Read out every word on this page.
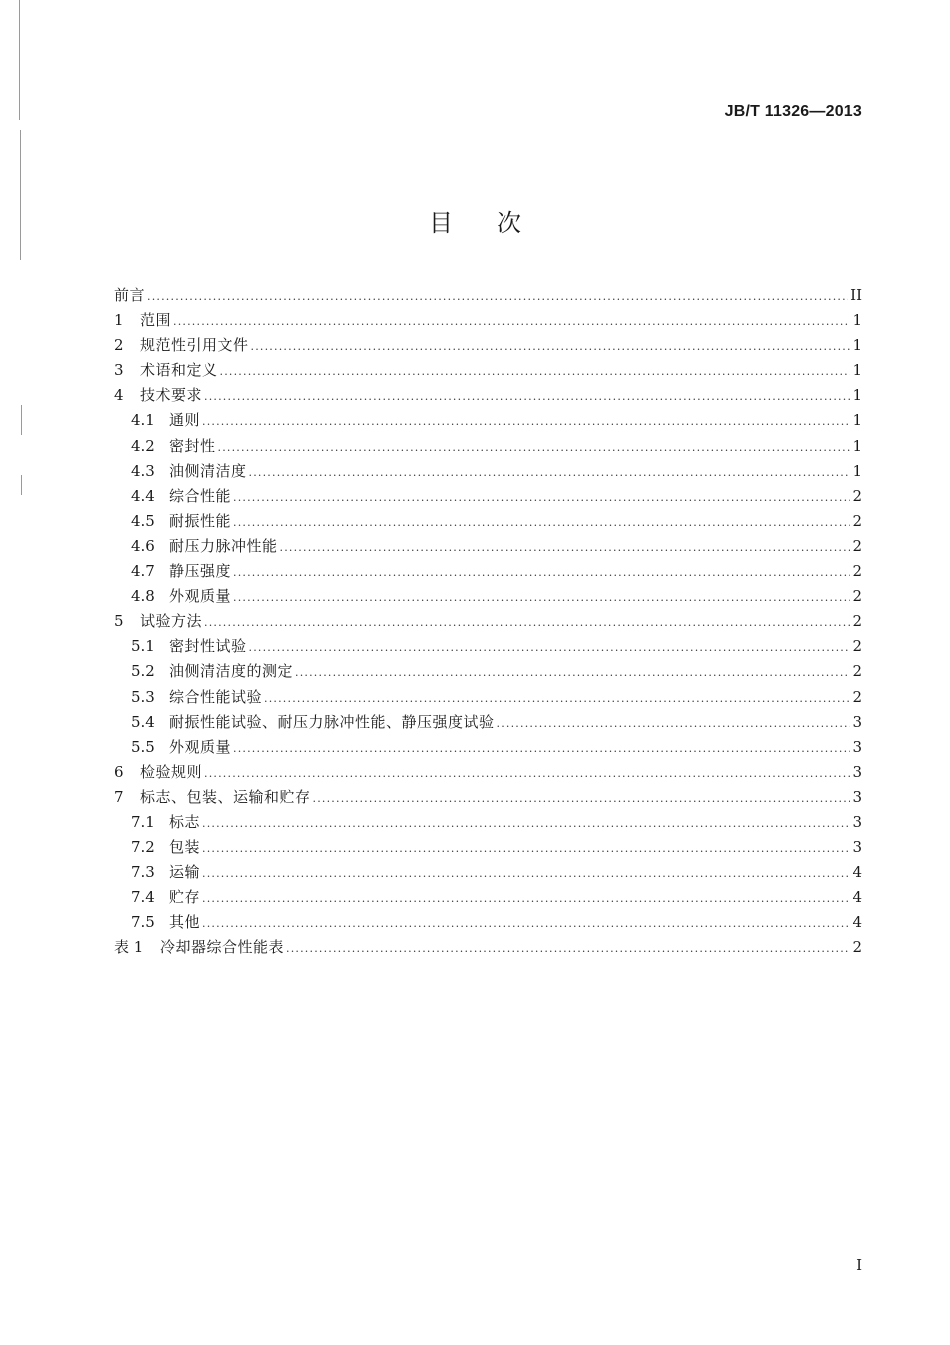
JB/T 11326—2013
目次
前言 .....	II
1	范围 .....	1
2	规范性引用文件 .....	1
3	术语和定义 .....	1
4	技术要求 .....	1
4.1 通则 .....	1
4.2 密封性 .....	1
4.3 油侧清洁度 .....	1
4.4 综合性能 .....	2
4.5 耐振性能 .....	2
4.6 耐压力脉冲性能 .....	2
4.7 静压强度 .....	2
4.8 外观质量 .....	2
5	试验方法 .....	2
5.1 密封性试验 .....	2
5.2 油侧清洁度的测定 .....	2
5.3 综合性能试验 .....	2
5.4 耐振性能试验、耐压力脉冲性能、静压强度试验 .....	3
5.5 外观质量 .....	3
6	检验规则 .....	3
7	标志、包装、运输和贮存 .....	3
7.1 标志 .....	3
7.2 包装 .....	3
7.3 运输 .....	4
7.4 贮存 .....	4
7.5 其他 .....	4
表 1	冷却器综合性能表 .....	2
I
